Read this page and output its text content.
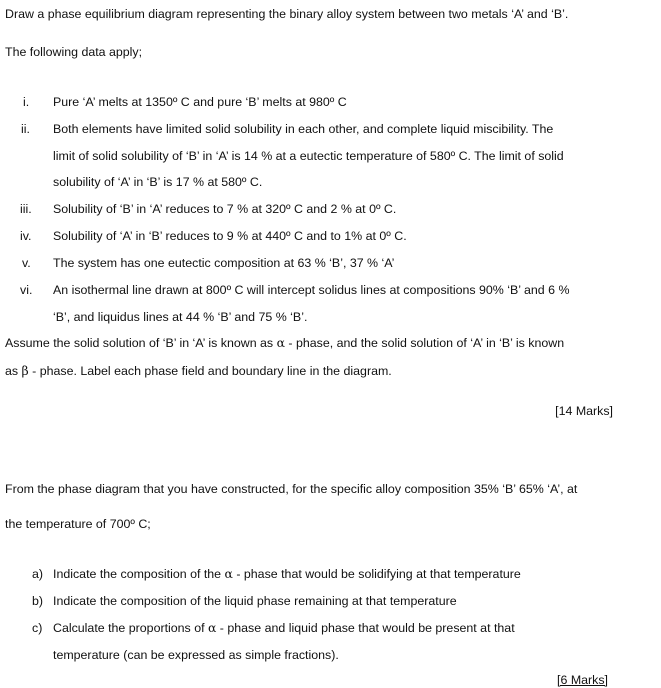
Draw a phase equilibrium diagram representing the binary alloy system between two metals ‘A’ and ‘B’.
The following data apply;
i. Pure ‘A’ melts at 1350º C and pure ‘B’ melts at 980º C
ii. Both elements have limited solid solubility in each other, and complete liquid miscibility. The
limit of solid solubility of ‘B’ in ‘A’ is 14 % at a eutectic temperature of 580º C. The limit of solid
solubility of ‘A’ in ‘B’ is 17 % at 580º C.
iii. Solubility of ‘B’ in ‘A’ reduces to 7 % at 320º C and 2 % at 0º C.
iv. Solubility of ‘A’ in ‘B’ reduces to 9 % at 440º C and to 1% at 0º C.
v. The system has one eutectic composition at 63 % ‘B’, 37 % ‘A’
vi. An isothermal line drawn at 800º C will intercept solidus lines at compositions 90% ‘B’ and 6 %
‘B’, and liquidus lines at 44 % ‘B’ and 75 % ‘B’.
Assume the solid solution of ‘B’ in ‘A’ is known as α - phase, and the solid solution of ‘A’ in ‘B’ is known
as β - phase. Label each phase field and boundary line in the diagram.
[14 Marks]
From the phase diagram that you have constructed, for the specific alloy composition 35% ‘B’ 65% ‘A’, at
the temperature of 700º C;
a) Indicate the composition of the α - phase that would be solidifying at that temperature
b) Indicate the composition of the liquid phase remaining at that temperature
c) Calculate the proportions of α - phase and liquid phase that would be present at that
temperature (can be expressed as simple fractions).
[6 Marks]
